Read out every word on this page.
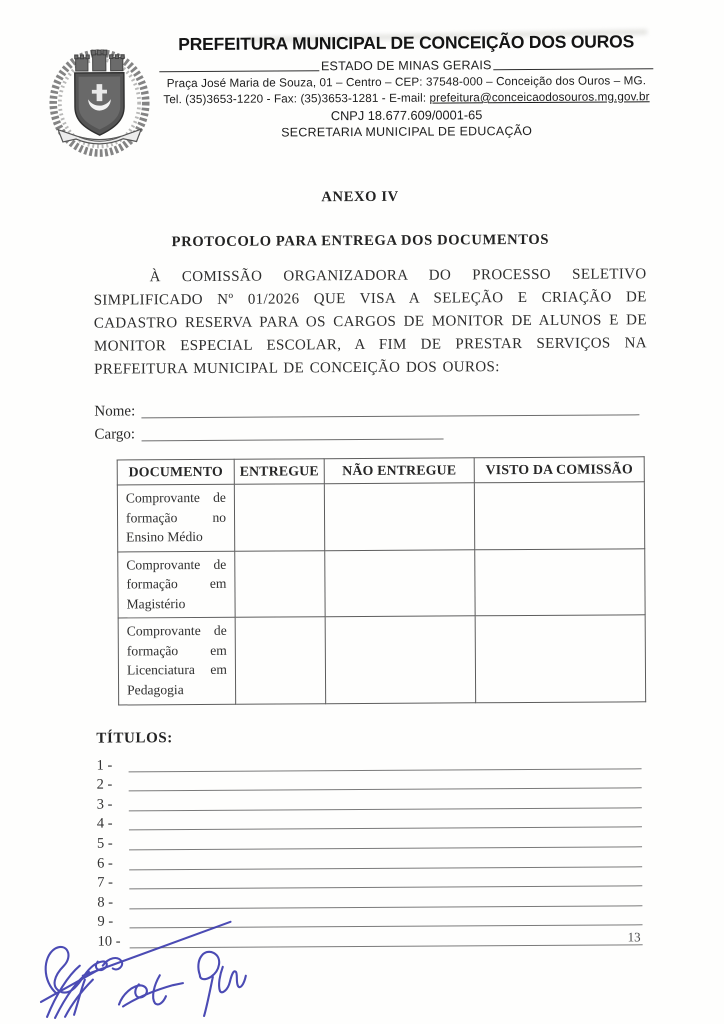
PREFEITURA MUNICIPAL DE CONCEIÇÃO DOS OUROS
ESTADO DE MINAS GERAIS
Praça José Maria de Souza, 01 – Centro – CEP: 37548-000 – Conceição dos Ouros – MG.
Tel. (35)3653-1220 - Fax: (35)3653-1281 - E-mail: prefeitura@conceicaodosouros.mg.gov.br
CNPJ 18.677.609/0001-65
SECRETARIA MUNICIPAL DE EDUCAÇÃO
ANEXO IV
PROTOCOLO PARA ENTREGA DOS DOCUMENTOS

À COMISSÃO ORGANIZADORA DO PROCESSO SELETIVO SIMPLIFICADO Nº 01/2026 QUE VISA A SELEÇÃO E CRIAÇÃO DE CADASTRO RESERVA PARA OS CARGOS DE MONITOR DE ALUNOS E DE MONITOR ESPECIAL ESCOLAR, A FIM DE PRESTAR SERVIÇOS NA PREFEITURA MUNICIPAL DE CONCEIÇÃO DOS OUROS:

Nome:
Cargo:
DOCUMENTO	ENTREGUE	NÃO ENTREGUE	VISTO DA COMISSÃO
Comprovante de formação no Ensino Médio			
Comprovante de formação em Magistério			
Comprovante de formação em Licenciatura em Pedagogia			
TÍTULOS:
1 -
2 -
3 -
4 -
5 -
6 -
7 -
8 -
9 -
10 -	13
